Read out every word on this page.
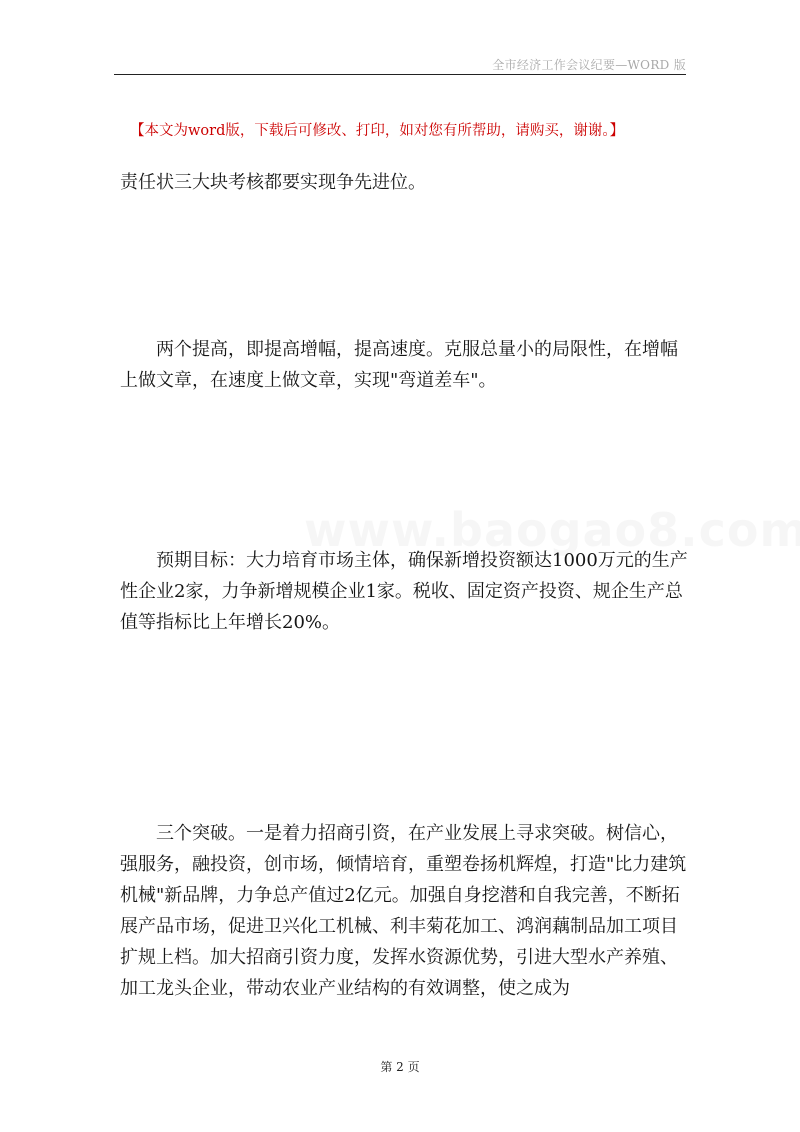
全市经济工作会议纪要—WORD 版
【本文为word版，下载后可修改、打印，如对您有所帮助，请购买，谢谢。】

责任状三大块考核都要实现争先进位。

两个提高，即提高增幅，提高速度。克服总量小的局限性，在增幅上做文章，在速度上做文章，实现"弯道差车"。

预期目标：大力培育市场主体，确保新增投资额达1000万元的生产性企业2家，力争新增规模企业1家。税收、固定资产投资、规企生产总值等指标比上年增长20%。

三个突破。一是着力招商引资，在产业发展上寻求突破。树信心，强服务，融投资，创市场，倾情培育，重塑卷扬机辉煌，打造"比力建筑机械"新品牌，力争总产值过2亿元。加强自身挖潜和自我完善，不断拓展产品市场，促进卫兴化工机械、利丰菊花加工、鸿润藕制品加工项目扩规上档。加大招商引资力度，发挥水资源优势，引进大型水产养殖、加工龙头企业，带动农业产业结构的有效调整，使之成为

第 2 页
